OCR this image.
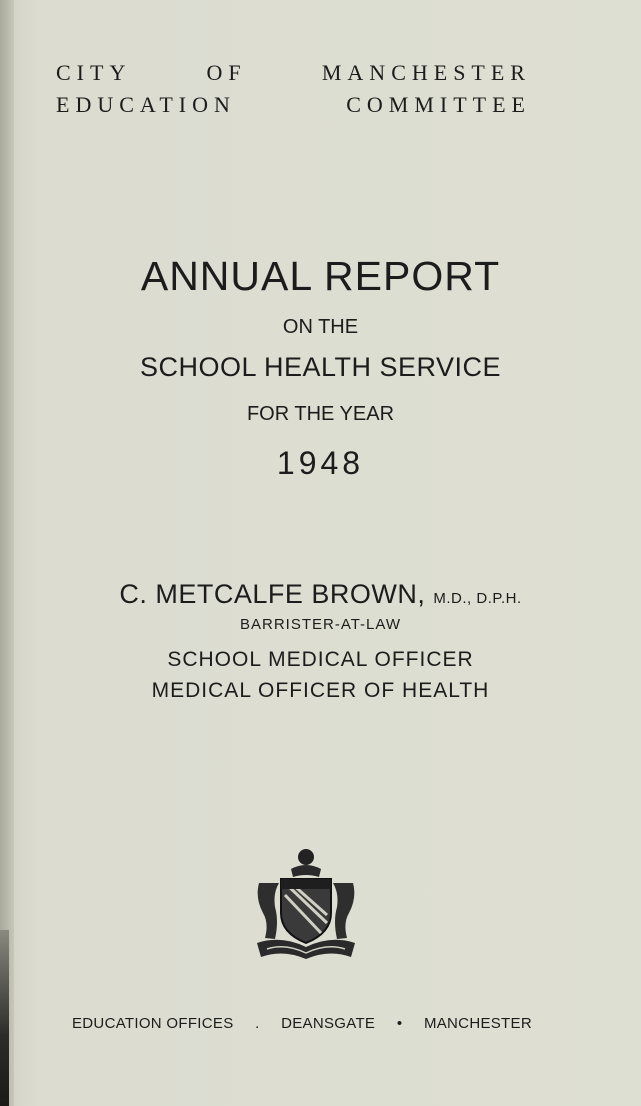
CITY	OF	MANCHESTER
EDUCATION	COMMITTEE
ANNUAL REPORT
ON THE
SCHOOL HEALTH SERVICE
FOR THE YEAR
1948
C. METCALFE BROWN, M.D., D.P.H.
BARRISTER-AT-LAW
SCHOOL MEDICAL OFFICER
MEDICAL OFFICER OF HEALTH
EDUCATION OFFICES . DEANSGATE • MANCHESTER
